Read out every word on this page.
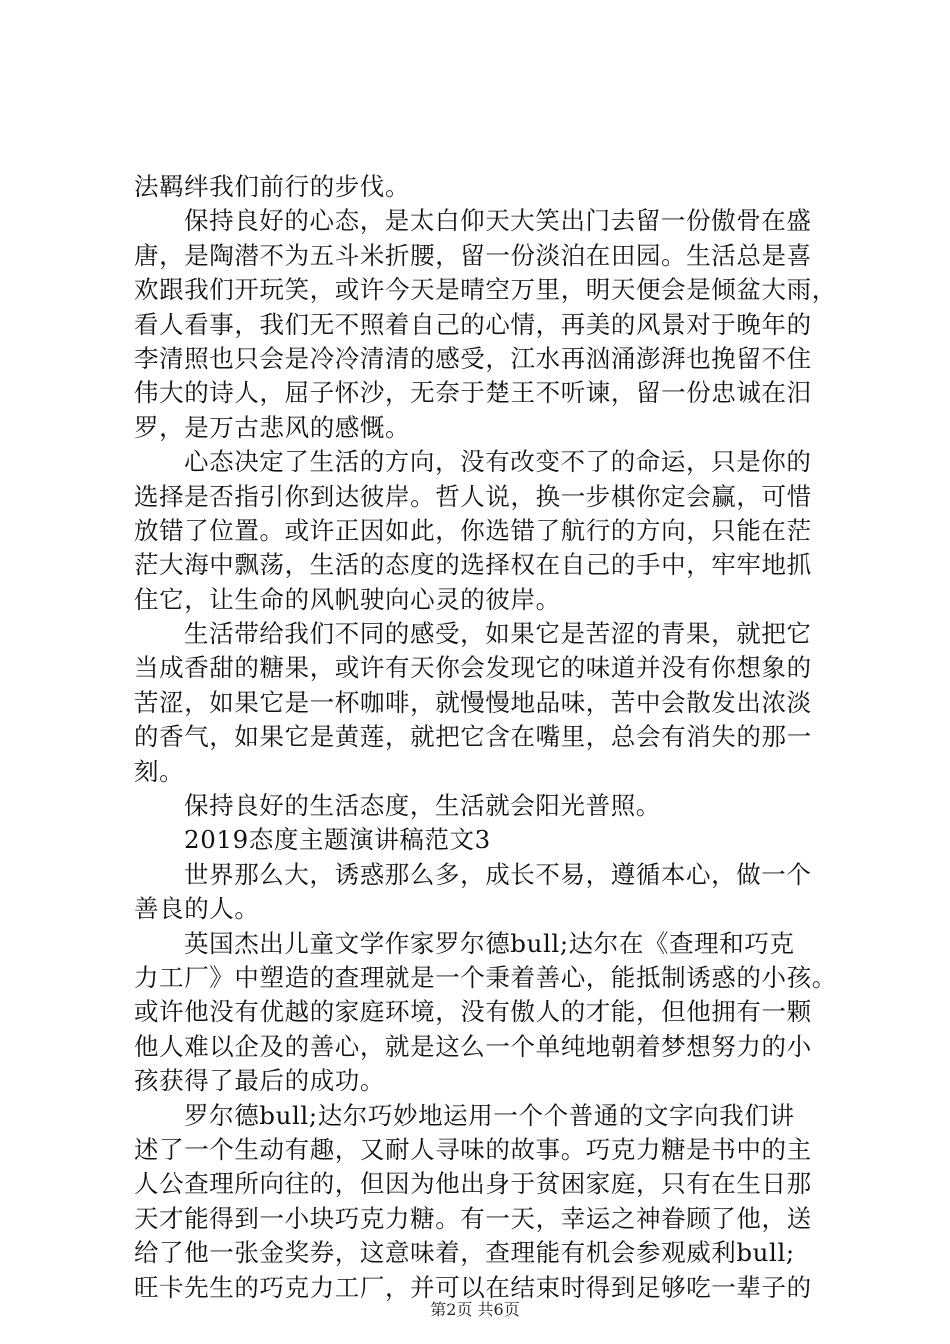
法羁绊我们前行的步伐。
保持良好的心态，是太白仰天大笑出门去留一份傲骨在盛
唐，是陶潜不为五斗米折腰，留一份淡泊在田园。生活总是喜
欢跟我们开玩笑，或许今天是晴空万里，明天便会是倾盆大雨，
看人看事，我们无不照着自己的心情，再美的风景对于晚年的
李清照也只会是冷冷清清的感受，江水再汹涌澎湃也挽留不住
伟大的诗人，屈子怀沙，无奈于楚王不听谏，留一份忠诚在汨
罗，是万古悲风的感慨。
心态决定了生活的方向，没有改变不了的命运，只是你的
选择是否指引你到达彼岸。哲人说，换一步棋你定会赢，可惜
放错了位置。或许正因如此，你选错了航行的方向，只能在茫
茫大海中飘荡，生活的态度的选择权在自己的手中，牢牢地抓
住它，让生命的风帆驶向心灵的彼岸。
生活带给我们不同的感受，如果它是苦涩的青果，就把它
当成香甜的糖果，或许有天你会发现它的味道并没有你想象的
苦涩，如果它是一杯咖啡，就慢慢地品味，苦中会散发出浓淡
的香气，如果它是黄莲，就把它含在嘴里，总会有消失的那一
刻。
保持良好的生活态度，生活就会阳光普照。
2019态度主题演讲稿范文3
世界那么大，诱惑那么多，成长不易，遵循本心，做一个
善良的人。
英国杰出儿童文学作家罗尔德bull;达尔在《查理和巧克
力工厂》中塑造的查理就是一个秉着善心，能抵制诱惑的小孩。
或许他没有优越的家庭环境，没有傲人的才能，但他拥有一颗
他人难以企及的善心，就是这么一个单纯地朝着梦想努力的小
孩获得了最后的成功。
罗尔德bull;达尔巧妙地运用一个个普通的文字向我们讲
述了一个生动有趣，又耐人寻味的故事。巧克力糖是书中的主
人公查理所向往的，但因为他出身于贫困家庭，只有在生日那
天才能得到一小块巧克力糖。有一天，幸运之神眷顾了他，送
给了他一张金奖券，这意味着，查理能有机会参观威利bull;
旺卡先生的巧克力工厂，并可以在结束时得到足够吃一辈子的
第2页 共6页
